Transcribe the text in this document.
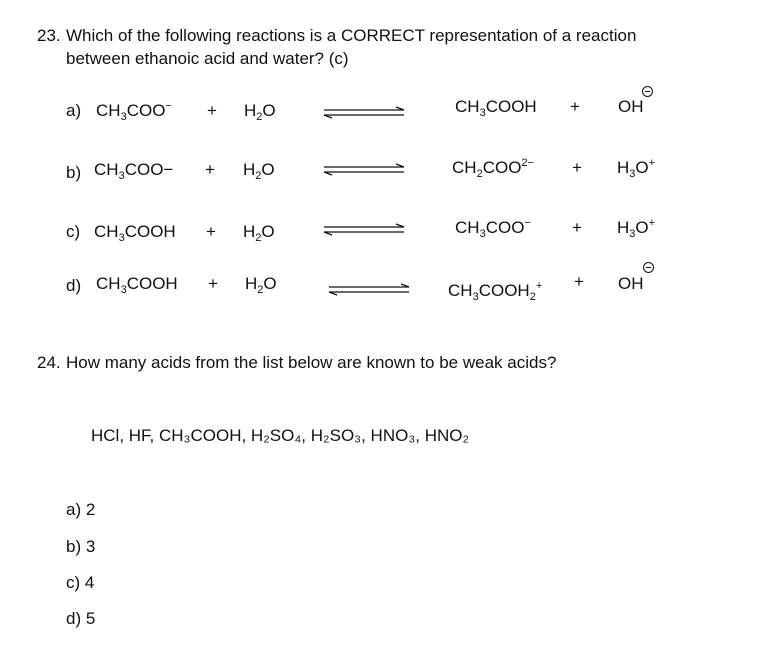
23. Which of the following reactions is a CORRECT representation of a reaction
between ethanoic acid and water? (c)
a) $CH_3COO^- + H_2O$	$CH_3COOH$ + OH
b) $CH_3COO- + H_2O$	$CH_2COO^{2-} + H_3O^+$
c) $CH_3COOH + H_2O$	$CH_3COO^- + H_3O^+$
d) $CH_3COOH + H_2O$	$CH_3COOH_2^+$ + OH
24. How many acids from the list below are known to be weak acids?
HCl, HF, CH₃COOH, H₂SO₄, H₂SO₃, HNO₃, HNO₂
a) 2
b) 3
c) 4
d) 5
